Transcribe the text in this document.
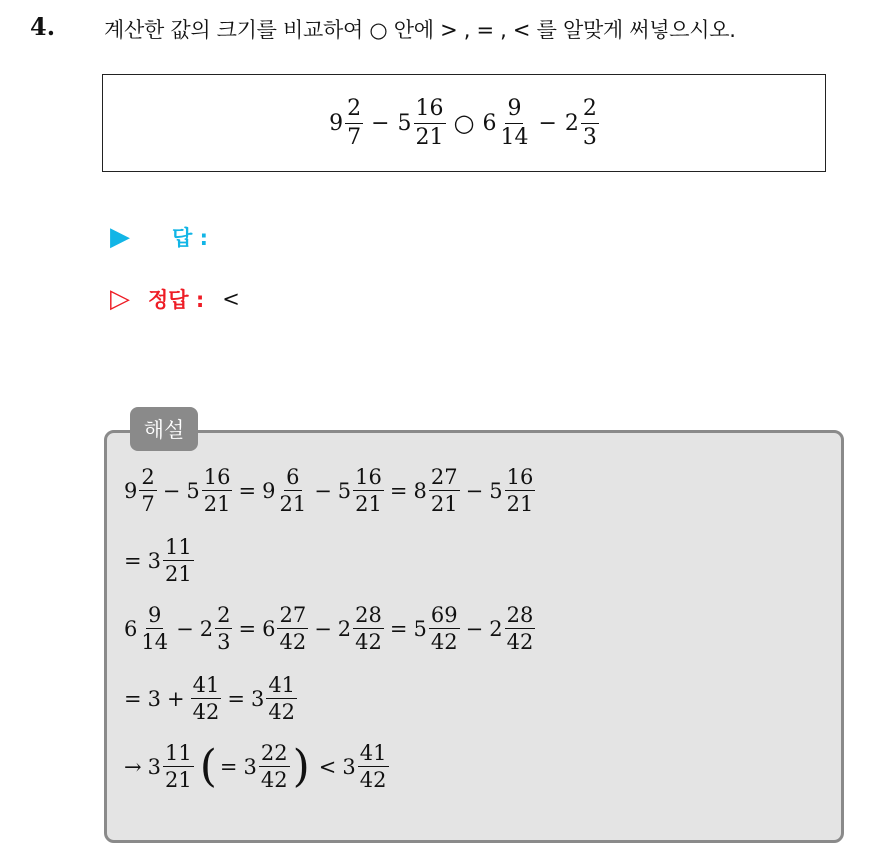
4. 계산한 값의 크기를 비교하여 ○ 안에 > , = , < 를 알맞게 써넣으시오.
$9 \frac{2}{7} - 5 \frac{16}{21}$ ○ $6 \frac{9}{14} - 2 \frac{2}{3}$
▶	답 :
▷ 정답 : <
해설
$9 \frac{2}{7} - 5 \frac{16}{21} = 9 \frac{6}{21} - 5 \frac{16}{21} = 8 \frac{27}{21} - 5 \frac{16}{21}$
= $3 \frac{11}{21}$
$6 \frac{9}{14} - 2 \frac{2}{3} = 6 \frac{27}{42} - 2 \frac{28}{42} = 5 \frac{69}{42} - 2 \frac{28}{42}$
= $3 + \frac{41}{42} = 3 \frac{41}{42}$
→ $3 \frac{11}{21}$ ( = $3 \frac{22}{42}$ ) < $3 \frac{41}{42}$
